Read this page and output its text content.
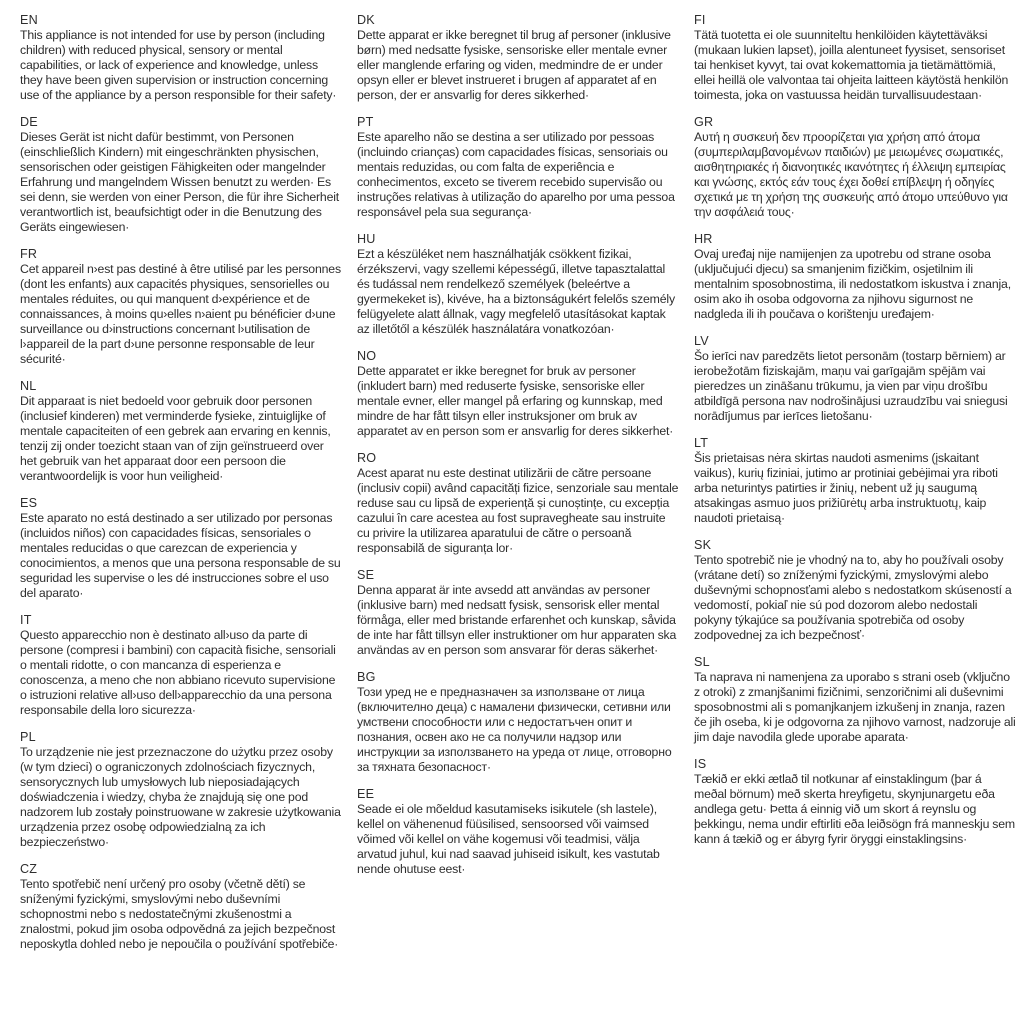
EN
This appliance is not intended for use by person (including children) with reduced physical, sensory or mental capabilities, or lack of experience and knowledge, unless they have been given supervision or instruction concerning use of the appliance by a person responsible for their safety·
DE
Dieses Gerät ist nicht dafür bestimmt, von Personen (einschließlich Kindern) mit eingeschränkten physischen, sensorischen oder geistigen Fähigkeiten oder mangelnder Erfahrung und mangelndem Wissen benutzt zu werden· Es sei denn, sie werden von einer Person, die für ihre Sicherheit verantwortlich ist, beaufsichtigt oder in die Benutzung des Geräts eingewiesen·
FR
Cet appareil n›est pas destiné à être utilisé par les personnes (dont les enfants) aux capacités physiques, sensorielles ou mentales réduites, ou qui manquent d›expérience et de connaissances, à moins qu›elles n›aient pu bénéficier d›une surveillance ou d›instructions concernant l›utilisation de l›appareil de la part d›une personne responsable de leur sécurité·
NL
Dit apparaat is niet bedoeld voor gebruik door personen (inclusief kinderen) met verminderde fysieke, zintuiglijke of mentale capaciteiten of een gebrek aan ervaring en kennis, tenzij zij onder toezicht staan van of zijn geïnstrueerd over het gebruik van het apparaat door een persoon die verantwoordelijk is voor hun veiligheid·
ES
Este aparato no está destinado a ser utilizado por personas (incluidos niños) con capacidades físicas, sensoriales o mentales reducidas o que carezcan de experiencia y conocimientos, a menos que una persona responsable de su seguridad les supervise o les dé instrucciones sobre el uso del aparato·
IT
Questo apparecchio non è destinato all›uso da parte di persone (compresi i bambini) con capacità fisiche, sensoriali o mentali ridotte, o con mancanza di esperienza e conoscenza, a meno che non abbiano ricevuto supervisione o istruzioni relative all›uso dell›apparecchio da una persona responsabile della loro sicurezza·
PL
To urządzenie nie jest przeznaczone do użytku przez osoby (w tym dzieci) o ograniczonych zdolnościach fizycznych, sensorycznych lub umysłowych lub nieposiadających doświadczenia i wiedzy, chyba że znajdują się one pod nadzorem lub zostały poinstruowane w zakresie użytkowania urządzenia przez osobę odpowiedzialną za ich bezpieczeństwo·
CZ
Tento spotřebič není určený pro osoby (včetně dětí) se sníženými fyzickými, smyslovými nebo duševními schopnostmi nebo s nedostatečnými zkušenostmi a znalostmi, pokud jim osoba odpovědná za jejich bezpečnost neposkytla dohled nebo je nepoučila o používání spotřebiče·
DK
Dette apparat er ikke beregnet til brug af personer (inklusive børn) med nedsatte fysiske, sensoriske eller mentale evner eller manglende erfaring og viden, medmindre de er under opsyn eller er blevet instrueret i brugen af apparatet af en person, der er ansvarlig for deres sikkerhed·
PT
Este aparelho não se destina a ser utilizado por pessoas (incluindo crianças) com capacidades físicas, sensoriais ou mentais reduzidas, ou com falta de experiência e conhecimentos, exceto se tiverem recebido supervisão ou instruções relativas à utilização do aparelho por uma pessoa responsável pela sua segurança·
HU
Ezt a készüléket nem használhatják csökkent fizikai, érzékszervi, vagy szellemi képességű, illetve tapasztalattal és tudással nem rendelkező személyek (beleértve a gyermekeket is), kivéve, ha a biztonságukért felelős személy felügyelete alatt állnak, vagy megfelelő utasításokat kaptak az illetőtől a készülék használatára vonatkozóan·
NO
Dette apparatet er ikke beregnet for bruk av personer (inkludert barn) med reduserte fysiske, sensoriske eller mentale evner, eller mangel på erfaring og kunnskap, med mindre de har fått tilsyn eller instruksjoner om bruk av apparatet av en person som er ansvarlig for deres sikkerhet·
RO
Acest aparat nu este destinat utilizării de către persoane (inclusiv copii) având capacități fizice, senzoriale sau mentale reduse sau cu lipsă de experiență și cunoștințe, cu excepția cazului în care acestea au fost supravegheate sau instruite cu privire la utilizarea aparatului de către o persoană responsabilă de siguranța lor·
SE
Denna apparat är inte avsedd att användas av personer (inklusive barn) med nedsatt fysisk, sensorisk eller mental förmåga, eller med bristande erfarenhet och kunskap, såvida de inte har fått tillsyn eller instruktioner om hur apparaten ska användas av en person som ansvarar för deras säkerhet·
BG
Този уред не е предназначен за използване от лица (включително деца) с намалени физически, сетивни или умствени способности или с недостатъчен опит и познания, освен ако не са получили надзор или инструкции за използването на уреда от лице, отговорно за тяхната безопасност·
EE
Seade ei ole mõeldud kasutamiseks isikutele (sh lastele), kellel on vähenenud füüsilised, sensoorsed või vaimsed võimed või kellel on vähe kogemusi või teadmisi, välja arvatud juhul, kui nad saavad juhiseid isikult, kes vastutab nende ohutuse eest·
FI
Tätä tuotetta ei ole suunniteltu henkilöiden käytettäväksi (mukaan lukien lapset), joilla alentuneet fyysiset, sensoriset tai henkiset kyvyt, tai ovat kokemattomia ja tietämättömiä, ellei heillä ole valvontaa tai ohjeita laitteen käytöstä henkilön toimesta, joka on vastuussa heidän turvallisuudestaan·
GR
Αυτή η συσκευή δεν προορίζεται για χρήση από άτομα (συμπεριλαμβανομένων παιδιών) με μειωμένες σωματικές, αισθητηριακές ή διανοητικές ικανότητες ή έλλειψη εμπειρίας και γνώσης, εκτός εάν τους έχει δοθεί επίβλεψη ή οδηγίες σχετικά με τη χρήση της συσκευής από άτομο υπεύθυνο για την ασφάλειά τους·
HR
Ovaj uređaj nije namijenjen za upotrebu od strane osoba (uključujući djecu) sa smanjenim fizičkim, osjetilnim ili mentalnim sposobnostima, ili nedostatkom iskustva i znanja, osim ako ih osoba odgovorna za njihovu sigurnost ne nadgleda ili ih poučava o korištenju uređajem·
LV
Šo ierīci nav paredzēts lietot personām (tostarp bērniem) ar ierobežotām fiziskajām, maņu vai garīgajām spējām vai pieredzes un zināšanu trūkumu, ja vien par viņu drošību atbildīgā persona nav nodrošinājusi uzraudzību vai sniegusi norādījumus par ierīces lietošanu·
LT
Šis prietaisas nėra skirtas naudoti asmenims (įskaitant vaikus), kurių fiziniai, jutimo ar protiniai gebėjimai yra riboti arba neturintys patirties ir žinių, nebent už jų saugumą atsakingas asmuo juos prižiūrėtų arba instruktuotų, kaip naudoti prietaisą·
SK
Tento spotrebič nie je vhodný na to, aby ho používali osoby (vrátane detí) so zníženými fyzickými, zmyslovými alebo duševnými schopnosťami alebo s nedostatkom skúseností a vedomostí, pokiaľ nie sú pod dozorom alebo nedostali pokyny týkajúce sa používania spotrebiča od osoby zodpovednej za ich bezpečnosť·
SL
Ta naprava ni namenjena za uporabo s strani oseb (vključno z otroki) z zmanjšanimi fizičnimi, senzoričnimi ali duševnimi sposobnostmi ali s pomanjkanjem izkušenj in znanja, razen če jih oseba, ki je odgovorna za njihovo varnost, nadzoruje ali jim daje navodila glede uporabe aparata·
IS
Tækið er ekki ætlað til notkunar af einstaklingum (þar á meðal börnum) með skerta hreyfigetu, skynjunargetu eða andlega getu· Þetta á einnig við um skort á reynslu og þekkingu, nema undir eftirliti eða leiðsögn frá manneskju sem kann á tækið og er ábyrg fyrir öryggi einstaklingsins·
